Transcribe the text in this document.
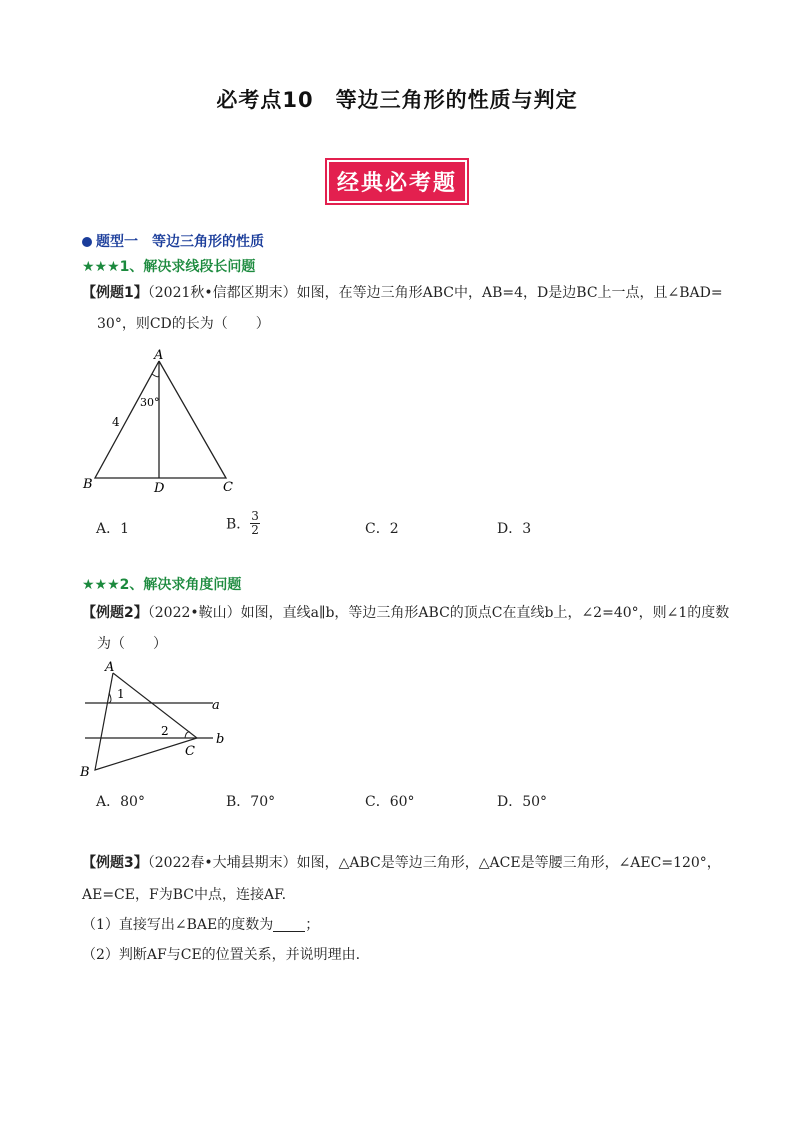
必考点10　等边三角形的性质与判定
经典必考题
题型一　等边三角形的性质
★★★1、解决求线段长问题
【例题1】（2021秋•信都区期末）如图，在等边三角形ABC中，AB=4，D是边BC上一点，且∠BAD=
30°，则CD的长为（　　）
A
B	C
D
4
30°
A．1	B． $\frac{3}{2}$	C．2	D．3
★★★2、解决求角度问题
【例题2】（2022•鞍山）如图，直线a∥b，等边三角形ABC的顶点C在直线b上，∠2=40°，则∠1的度数
为（　　）
A
B
C
a
b
1
2
A．80°	B．70°	C．60°	D．50°
【例题3】（2022春•大埔县期末）如图，△ABC是等边三角形，△ACE是等腰三角形，∠AEC=120°，
AE=CE，F为BC中点，连接AF.
（1）直接写出∠BAE的度数为 ；
（2）判断AF与CE的位置关系，并说明理由.
